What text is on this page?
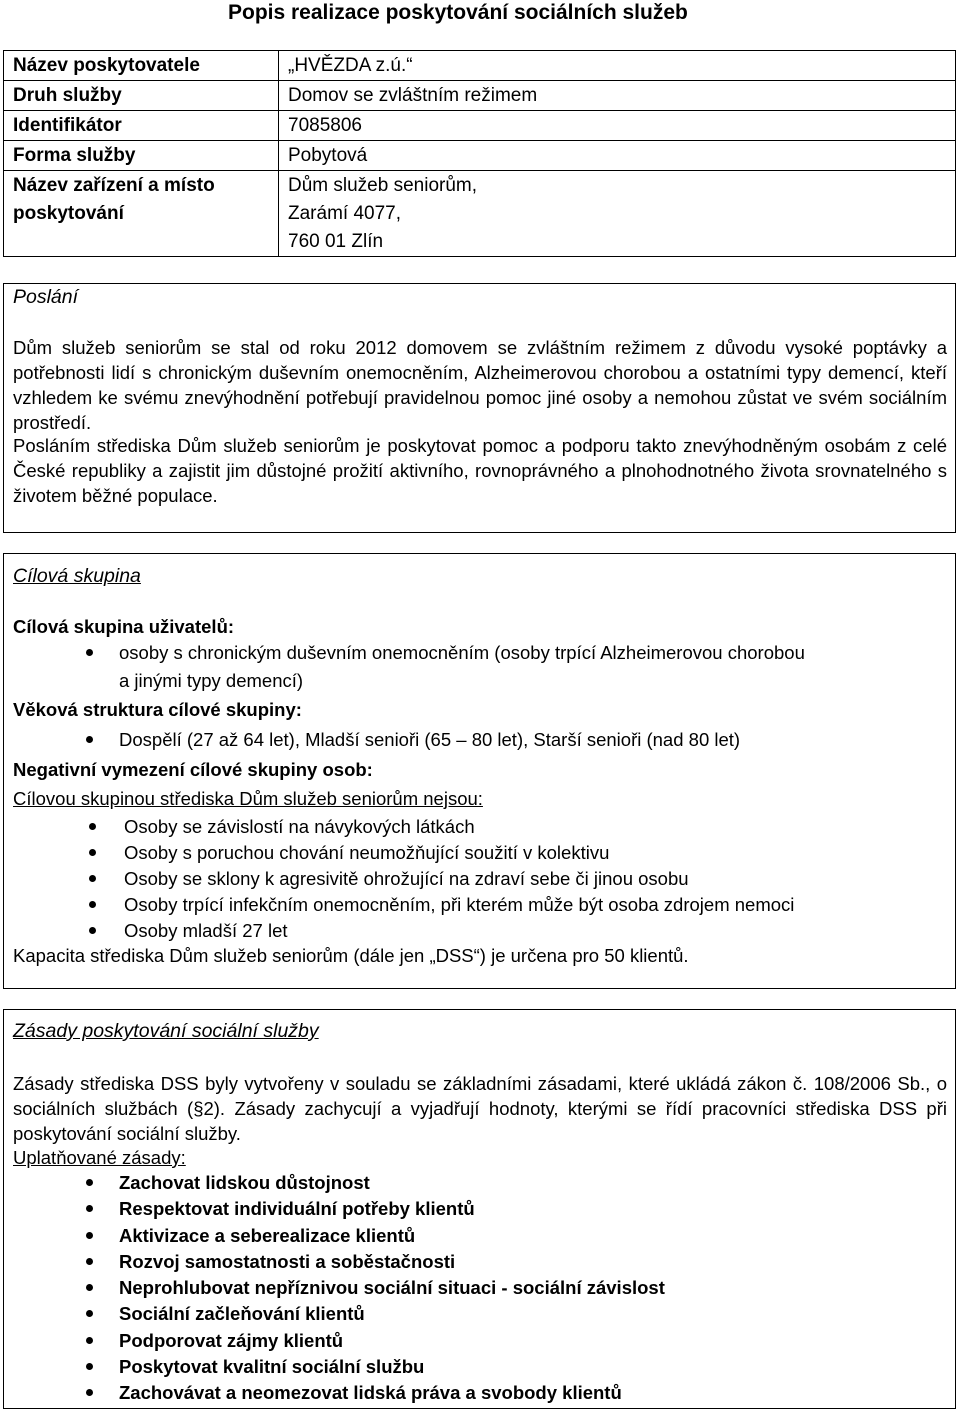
Popis realizace poskytování sociálních služeb
Název poskytovatele	„HVĚZDA z.ú.“
Druh služby	Domov se zvláštním režimem
Identifikátor	7085806
Forma služby	Pobytová
Název zařízení a místo poskytování	Dům služeb seniorům,
Zarámí 4077,
760 01 Zlín
Poslání
Dům služeb seniorům se stal od roku 2012 domovem se zvláštním režimem z důvodu vysoké poptávky a potřebnosti lidí s chronickým duševním onemocněním, Alzheimerovou chorobou a ostatními typy demencí, kteří vzhledem ke svému znevýhodnění potřebují pravidelnou pomoc jiné osoby a nemohou zůstat ve svém sociálním prostředí.
Posláním střediska Dům služeb seniorům je poskytovat pomoc a podporu takto znevýhodněným osobám z celé České republiky a zajistit jim důstojné prožití aktivního, rovnoprávného a plnohodnotného života srovnatelného s životem běžné populace.
Cílová skupina
Cílová skupina uživatelů:
osoby s chronickým duševním onemocněním (osoby trpící Alzheimerovou chorobou
a jinými typy demencí)
Věková struktura cílové skupiny:
Dospělí (27 až 64 let), Mladší senioři (65 – 80 let), Starší senioři (nad 80 let)
Negativní vymezení cílové skupiny osob:
Cílovou skupinou střediska Dům služeb seniorům nejsou:
Osoby se závislostí na návykových látkách
Osoby s poruchou chování neumožňující soužití v kolektivu
Osoby se sklony k agresivitě ohrožující na zdraví sebe či jinou osobu
Osoby trpící infekčním onemocněním, při kterém může být osoba zdrojem nemoci
Osoby mladší 27 let
Kapacita střediska Dům služeb seniorům (dále jen „DSS“) je určena pro 50 klientů.
Zásady poskytování sociální služby
Zásady střediska DSS byly vytvořeny v souladu se základními zásadami, které ukládá zákon č. 108/2006 Sb., o sociálních službách (§2). Zásady zachycují a vyjadřují hodnoty, kterými se řídí pracovníci střediska DSS při poskytování sociální služby.
Uplatňované zásady:
Zachovat lidskou důstojnost
Respektovat individuální potřeby klientů
Aktivizace a seberealizace klientů
Rozvoj samostatnosti a soběstačnosti
Neprohlubovat nepříznivou sociální situaci - sociální závislost
Sociální začleňování klientů
Podporovat zájmy klientů
Poskytovat kvalitní sociální službu
Zachovávat a neomezovat lidská práva a svobody klientů
